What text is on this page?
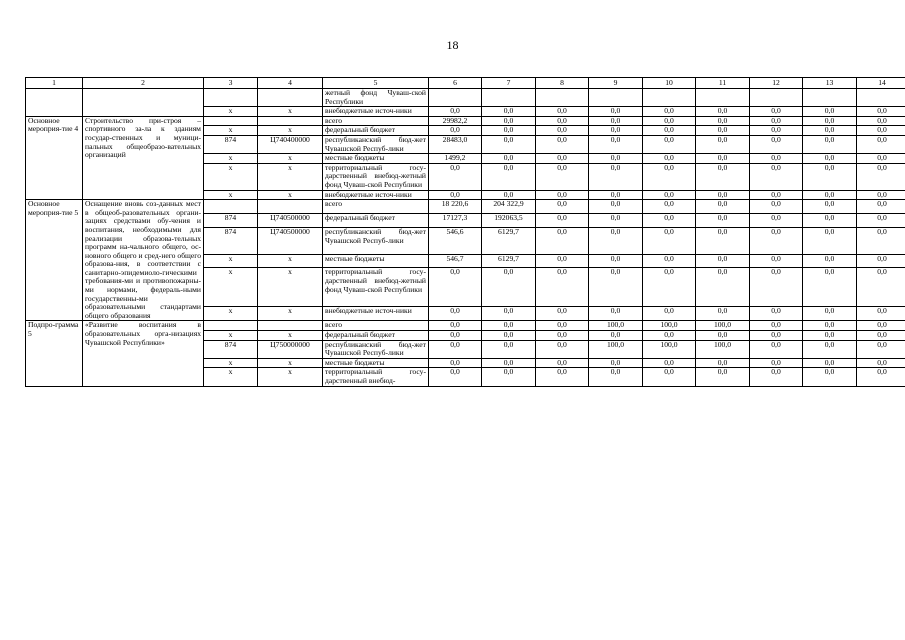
18
1	2	3	4	5	6	7	8	9	10	11	12	13	14
				жетный фонд Чуваш-ской Республики									
		x	x	внебюджетные источ-ники	0,0	0,0	0,0	0,0	0,0	0,0	0,0	0,0	0,0
Основное мероприя-тие 4	Строительство при-строя – спортивного за-ла к зданиям государ-ственных и муници-пальных общеобразо-вательных организаций			всего	29982,2	0,0	0,0	0,0	0,0	0,0	0,0	0,0	0,0
		x	x	федеральный бюджет	0,0	0,0	0,0	0,0	0,0	0,0	0,0	0,0	0,0
		874	Ц740400000	республиканский бюд-жет Чувашской Респуб-лики	28483,0	0,0	0,0	0,0	0,0	0,0	0,0	0,0	0,0
		x	x	местные бюджеты	1499,2	0,0	0,0	0,0	0,0	0,0	0,0	0,0	0,0
		x	x	территориальный госу-дарственный внебюд-жетный фонд Чуваш-ской Республики	0,0	0,0	0,0	0,0	0,0	0,0	0,0	0,0	0,0
		x	x	внебюджетные источ-ники	0,0	0,0	0,0	0,0	0,0	0,0	0,0	0,0	0,0
Основное мероприя-тие 5	Оснащение вновь соз-данных мест в общеоб-разовательных органи-зациях средствами обу-чения и воспитания, необходимыми для реализации образова-тельных программ на-чального общего, ос-новного общего и сред-него общего образова-ния, в соответствии с санитарно-эпидемиоло-гическими требования-ми и противопожарны-ми нормами, федераль-ными государственны-ми образовательными стандартами общего образования			всего	18 220,6	204 322,9	0,0	0,0	0,0	0,0	0,0	0,0	0,0
		874	Ц740500000	федеральный бюджет	17127,3	192063,5	0,0	0,0	0,0	0,0	0,0	0,0	0,0
		874	Ц740500000	республиканский бюд-жет Чувашской Респуб-лики	546,6	6129,7	0,0	0,0	0,0	0,0	0,0	0,0	0,0
		x	x	местные бюджеты	546,7	6129,7	0,0	0,0	0,0	0,0	0,0	0,0	0,0
		x	x	территориальный госу-дарственный внебюд-жетный фонд Чуваш-ской Республики	0,0	0,0	0,0	0,0	0,0	0,0	0,0	0,0	0,0
		x	x	внебюджетные источ-ники	0,0	0,0	0,0	0,0	0,0	0,0	0,0	0,0	0,0
Подпро-грамма 5	«Развитие воспитания в образовательных орга-низациях Чувашской Республики»			всего	0,0	0,0	0,0	100,0	100,0	100,0	0,0	0,0	0,0
		x	x	федеральный бюджет	0,0	0,0	0,0	0,0	0,0	0,0	0,0	0,0	0,0
		874	Ц750000000	республиканский бюд-жет Чувашской Респуб-лики	0,0	0,0	0,0	100,0	100,0	100,0	0,0	0,0	0,0
		x	x	местные бюджеты	0,0	0,0	0,0	0,0	0,0	0,0	0,0	0,0	0,0
		x	x	территориальный госу-дарственный внебюд-	0,0	0,0	0,0	0,0	0,0	0,0	0,0	0,0	0,0
